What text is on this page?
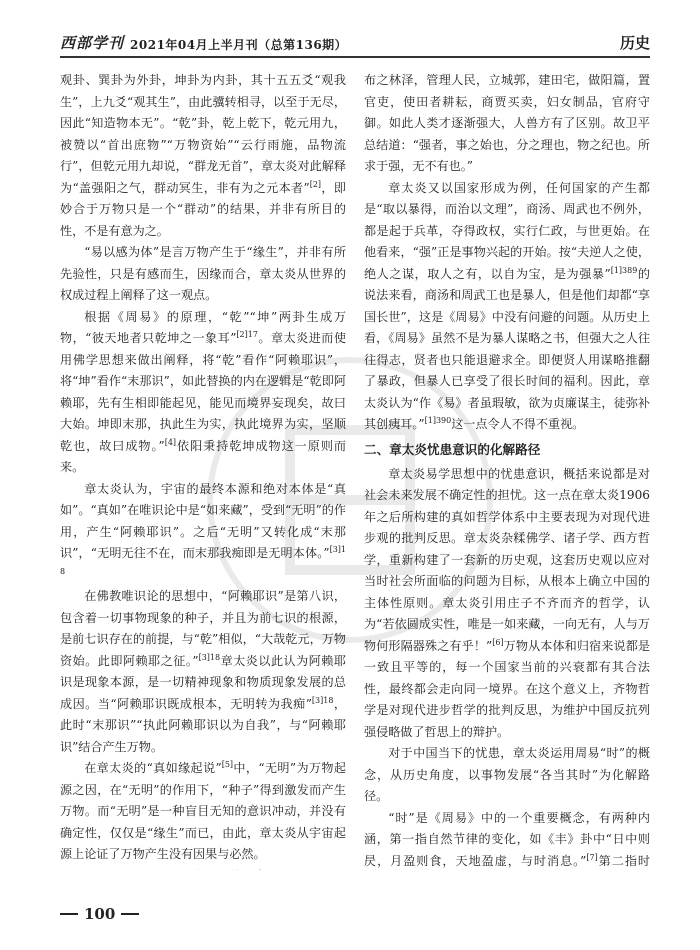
西部学刊 2021年04月上半月刊（总第136期）	历史

观卦、巽卦为外卦，坤卦为内卦，其十五五爻“观我生”，上九爻“观其生”，由此骥转相寻，以至于无尽，因此“知造物本无”。“乾”卦，乾上乾下，乾元用九，被赞以“首出庶物”“万物资始”“云行雨施，品物流行”，但乾元用九却说，“群龙无首”，章太炎对此解释为“盖强阳之气，群动冥生，非有为之元本者”[2]，即妙合于万物只是一个“群动”的结果，并非有所目的性，不是有意为之。

“易以感为体”是言万物产生于“缘生”，并非有所先验性，只是有感而生，因缘而合，章太炎从世界的权成过程上阐释了这一观点。

根据《周易》的原理，“乾”“坤”两卦生成万物，“彼天地者只乾坤之一象耳”$^{[2]17}$。章太炎进而使用佛学思想来做出阐释，将“乾”看作“阿赖耶识”，将“坤”看作“末那识”，如此替换的内在逻辑是“乾即阿赖耶，先有生相即能起见，能见而境界妄现矣，故曰大始。坤即末那，执此生为实，执此境界为实，坚顺乾也，故曰成物。”[4]依阳秉持乾坤成物这一原则而来。

章太炎认为，宇宙的最终本源和绝对本体是“真如”。“真如”在唯识论中是“如来藏”，受到“无明”的作用，产生“阿赖耶识”。之后“无明”又转化成“末那识”，“无明无往不在，而末那我痴即是无明本体。”$^{[3]18}$

在佛教唯识论的思想中，“阿赖耶识”是第八识，包含着一切事物现象的种子，并且为前七识的根源，是前七识存在的前提，与“乾”相似，“大哉乾元，万物资始。此即阿赖耶之征。”$^{[3]18}$章太炎以此认为阿赖耶识是现象本源，是一切精神现象和物质现象发展的总成因。当“阿赖耶识既成根本，无明转为我痴”$^{[3]18}$，此时“末那识”“执此阿赖耶识以为自我”，与“阿赖耶识”结合产生万物。

在章太炎的“真如缘起说”[5]中，“无明”为万物起源之因，在“无明”的作用下，“种子”得到激发而产生万物。而“无明”是一种盲目无知的意识冲动，并没有确定性，仅仅是“缘生”而已，由此，章太炎从宇宙起源上论证了万物产生没有因果与必然。

布之林泽，管理人民，立城郭，建田宅，做阳篇，置官吏，使田者耕耘，商贾买卖，妇女制品，官府守御。如此人类才逐渐强大，人兽方有了区别。故卫平总结道：“强者，事之始也，分之理也，物之纪也。所求于强，无不有也。”

章太炎又以国家形成为例，任何国家的产生都是“取以暴得，而治以文理”，商汤、周武也不例外，都是起于兵革，夺得政权，实行仁政，与世更始。在他看来，“强”正是事物兴起的开始。按“夫逆人之使，绝人之谋，取人之有，以自为宝，是为强暴”$^{[1]389}$的说法来看，商汤和周武工也是暴人，但是他们却都“享国长世”，这是《周易》中没有问避的问题。从历史上看，《周易》虽然不是为暴人谋略之书，但强大之人往往得志，贤者也只能退避求全。即便贤人用谋略推翻了暴政，但暴人已享受了很长时间的福利。因此，章太炎认为“作《易》者虽瑕敏，欲为贞廉谋主，徒弥补其创痍耳。”$^{[1]390}$这一点令人不得不重视。

二、章太炎忧患意识的化解路径

章太炎易学思想中的忧患意识，概括来说都是对社会未来发展不确定性的担忧。这一点在章太炎1906年之后所构建的真如哲学体系中主要表现为对现代进步观的批判反思。章太炎杂糅佛学、诸子学、西方哲学，重新构建了一套新的历史观，这套历史观以应对当时社会所面临的问题为目标，从根本上确立中国的主体性原则。章太炎引用庄子不齐而齐的哲学，认为“若依圆成实性，唯是一如来藏，一向无有，人与万物何形隔器殊之有乎！”[6]万物从本体和归宿来说都是一致且平等的，每一个国家当前的兴衰都有其合法性，最终都会走向同一境界。在这个意义上，齐物哲学是对现代进步哲学的批判反思，为维护中国反抗列强侵略做了哲思上的辩护。

对于中国当下的忧患，章太炎运用周易“时”的概念，从历史角度，以事物发展“各当其时”为化解路径。

“时”是《周易》中的一个重要概念，有两种内涵，第一指自然节律的变化，如《丰》卦中“日中则昃，月盈则食，天地盈虚，与时消息。”[7]第二指时

100
